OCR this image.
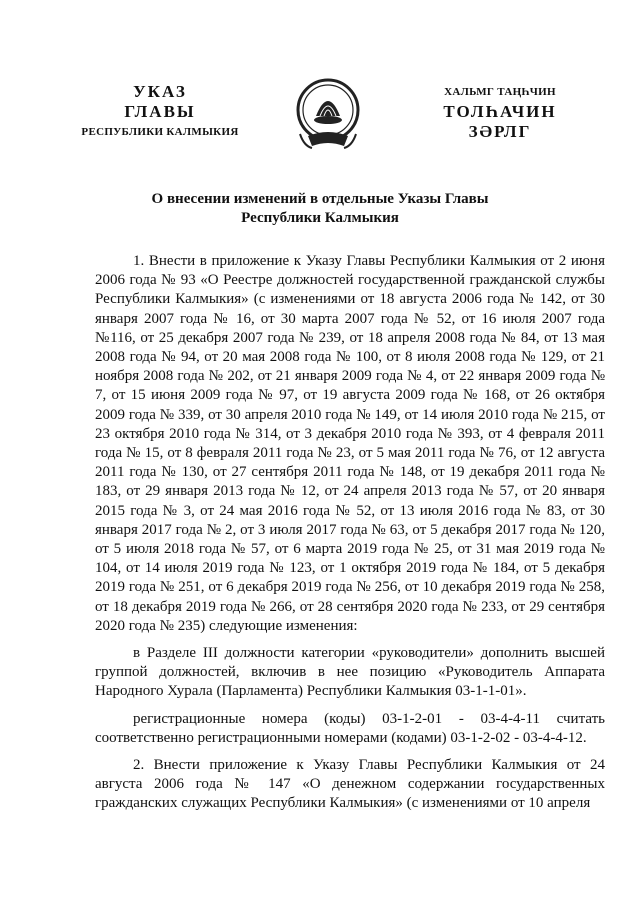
УКАЗ
ГЛАВЫ
РЕСПУБЛИКИ КАЛМЫКИЯ
ХАЛЬМГ ТАҢҺЧИН
ТОЛҺАЧИН
ЗӘРЛГ
О внесении изменений в отдельные Указы Главы
Республики Калмыкия

1. Внести в приложение к Указу Главы Республики Калмыкия от 2 июня 2006 года № 93 «О Реестре должностей государственной гражданской службы Республики Калмыкия» (с изменениями от 18 августа 2006 года № 142, от 30 января 2007 года № 16, от 30 марта 2007 года № 52, от 16 июля 2007 года №116, от 25 декабря 2007 года № 239, от 18 апреля 2008 года № 84, от 13 мая 2008 года № 94, от 20 мая 2008 года № 100, от 8 июля 2008 года № 129, от 21 ноября 2008 года № 202, от 21 января 2009 года № 4, от 22 января 2009 года № 7, от 15 июня 2009 года № 97, от 19 августа 2009 года № 168, от 26 октября 2009 года № 339, от 30 апреля 2010 года № 149, от 14 июля 2010 года № 215, от 23 октября 2010 года № 314, от 3 декабря 2010 года № 393, от 4 февраля 2011 года № 15, от 8 февраля 2011 года № 23, от 5 мая 2011 года № 76, от 12 августа 2011 года № 130, от 27 сентября 2011 года № 148, от 19 декабря 2011 года № 183, от 29 января 2013 года № 12, от 24 апреля 2013 года № 57, от 20 января 2015 года № 3, от 24 мая 2016 года № 52, от 13 июля 2016 года № 83, от 30 января 2017 года № 2, от 3 июля 2017 года № 63, от 5 декабря 2017 года № 120, от 5 июля 2018 года № 57, от 6 марта 2019 года № 25, от 31 мая 2019 года № 104, от 14 июля 2019 года № 123, от 1 октября 2019 года № 184, от 5 декабря 2019 года № 251, от 6 декабря 2019 года № 256, от 10 декабря 2019 года № 258, от 18 декабря 2019 года № 266, от 28 сентября 2020 года № 233, от 29 сентября 2020 года № 235) следующие изменения:

в Разделе III должности категории «руководители» дополнить высшей группой должностей, включив в нее позицию «Руководитель Аппарата Народного Хурала (Парламента) Республики Калмыкия 03-1-1-01».

регистрационные номера (коды) 03-1-2-01 - 03-4-4-11 считать соответственно регистрационными номерами (кодами) 03-1-2-02 - 03-4-4-12.

2. Внести приложение к Указу Главы Республики Калмыкия от 24 августа 2006 года № 147 «О денежном содержании государственных гражданских служащих Республики Калмыкия» (с изменениями от 10 апреля
